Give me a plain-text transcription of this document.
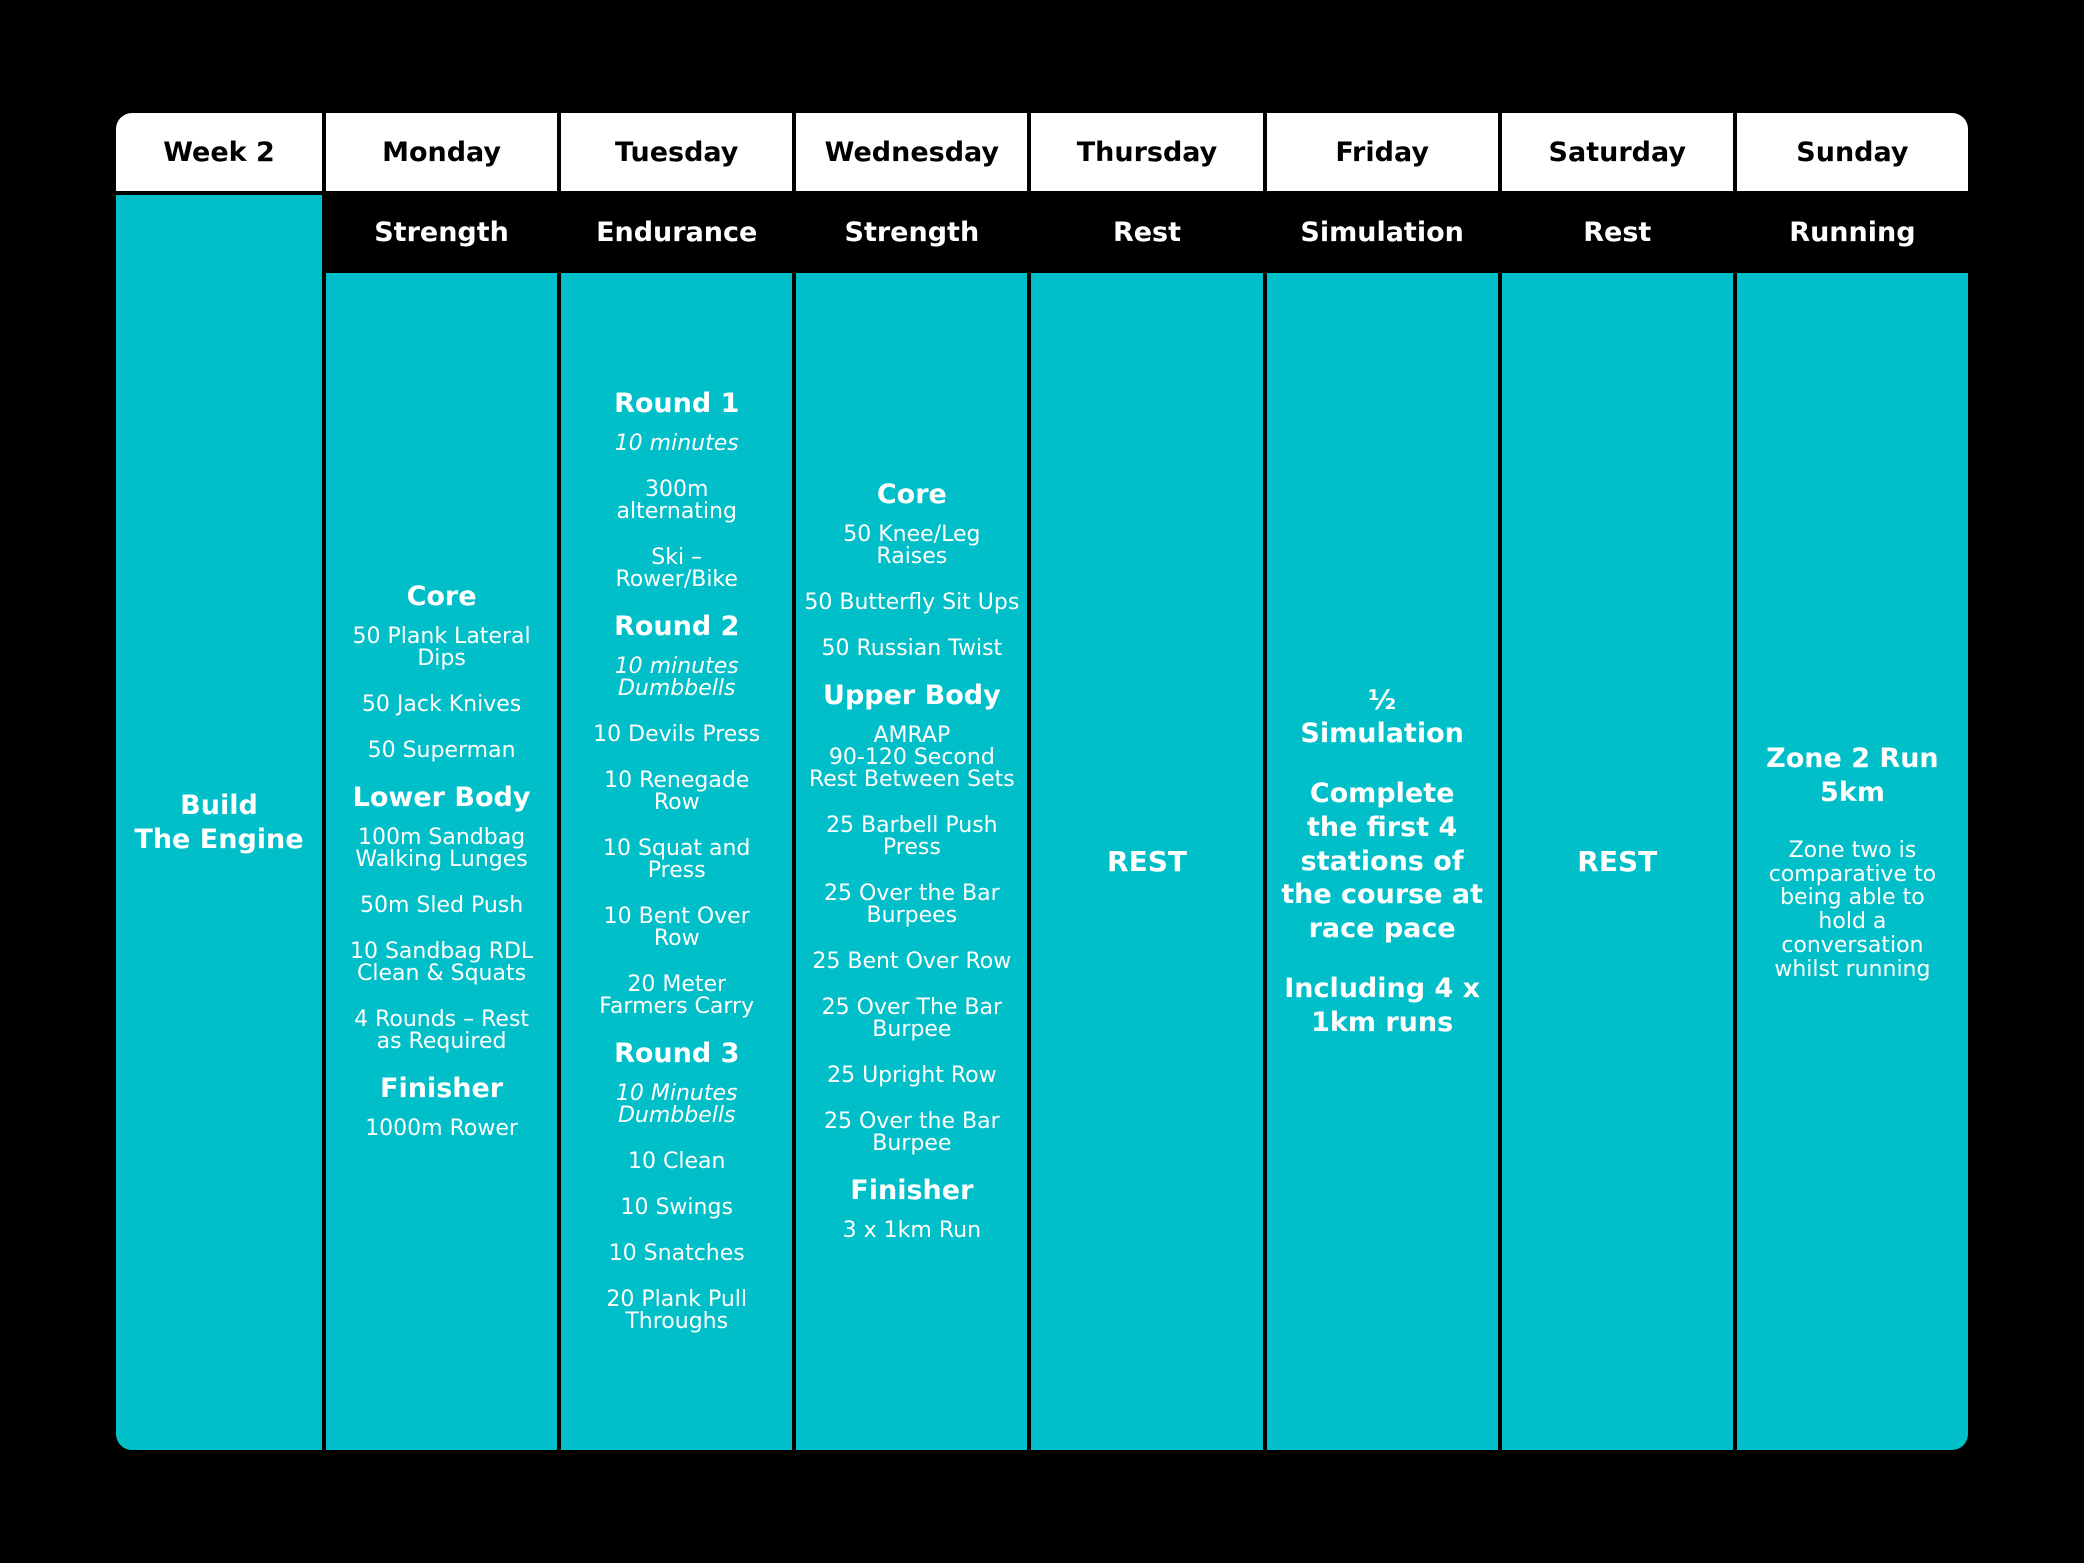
Week 2
Build
The Engine
Monday
Strength
Core
50 Plank Lateral
Dips
50 Jack Knives
50 Superman
Lower Body
100m Sandbag
Walking Lunges
50m Sled Push
10 Sandbag RDL
Clean & Squats
4 Rounds – Rest
as Required
Finisher
1000m Rower
Tuesday
Endurance
Round 1
10 minutes
300m
alternating
Ski –
Rower/Bike
Round 2
10 minutes
Dumbbells
10 Devils Press
10 Renegade
Row
10 Squat and
Press
10 Bent Over
Row
20 Meter
Farmers Carry
Round 3
10 Minutes
Dumbbells
10 Clean
10 Swings
10 Snatches
20 Plank Pull
Throughs
Wednesday
Strength
Core
50 Knee/Leg
Raises
50 Butterfly Sit Ups
50 Russian Twist
Upper Body
AMRAP
90-120 Second
Rest Between Sets
25 Barbell Push
Press
25 Over the Bar
Burpees
25 Bent Over Row
25 Over The Bar
Burpee
25 Upright Row
25 Over the Bar
Burpee
Finisher
3 x 1km Run
Thursday
Rest
REST
Friday
Simulation
½
Simulation
Complete
the first 4
stations of
the course at
race pace
Including 4 x
1km runs
Saturday
Rest
REST
Sunday
Running
Zone 2 Run
5km
Zone two is
comparative to
being able to
hold a
conversation
whilst running
